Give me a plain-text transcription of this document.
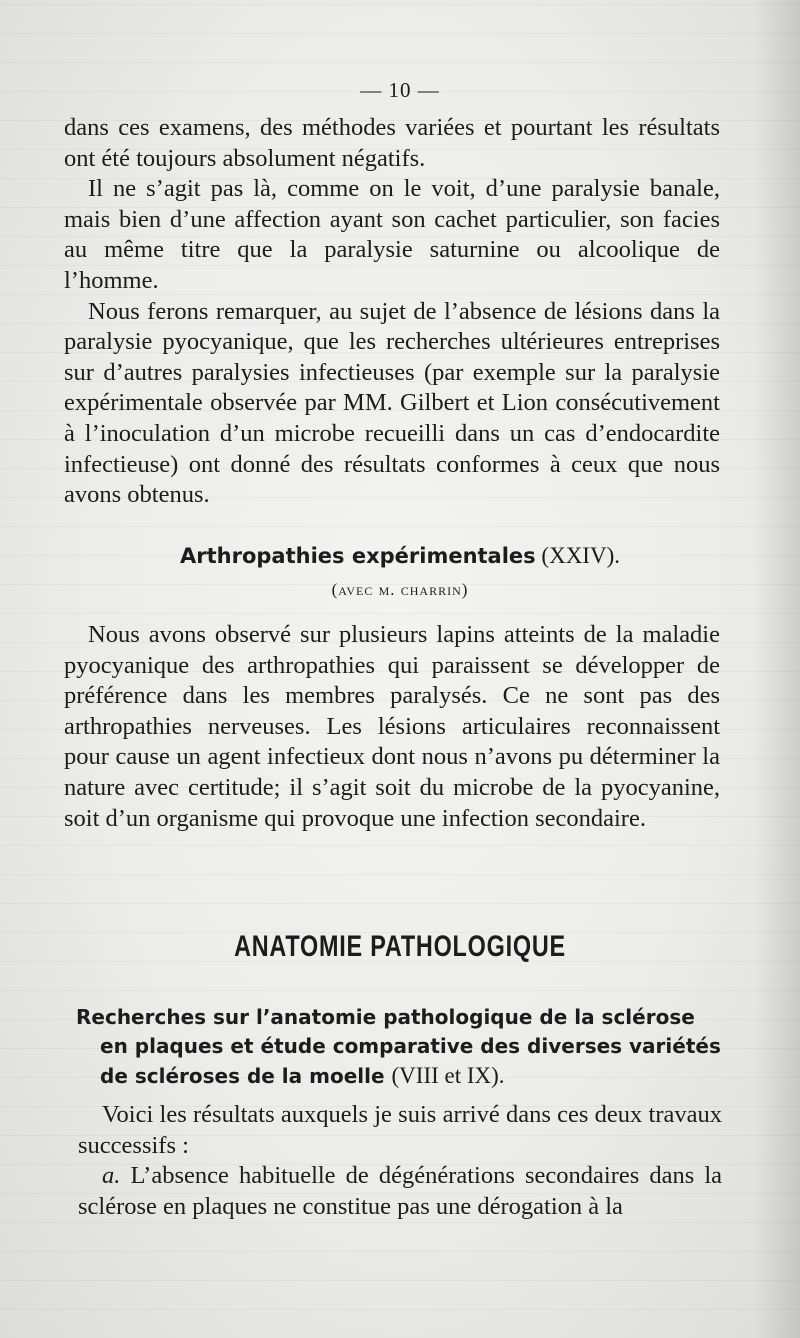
— 10 —

dans ces examens, des méthodes variées et pourtant les résultats ont été toujours absolument négatifs.

Il ne s’agit pas là, comme on le voit, d’une paralysie banale, mais bien d’une affection ayant son cachet particulier, son facies au même titre que la paralysie saturnine ou alcoolique de l’homme.

Nous ferons remarquer, au sujet de l’absence de lésions dans la paralysie pyocyanique, que les recherches ultérieures entreprises sur d’autres paralysies infectieuses (par exemple sur la paralysie expérimentale observée par MM. Gilbert et Lion consécutivement à l’inoculation d’un microbe recueilli dans un cas d’endocardite infectieuse) ont donné des résultats conformes à ceux que nous avons obtenus.

Arthropathies expérimentales (XXIV).
(avec m. charrin)

Nous avons observé sur plusieurs lapins atteints de la maladie pyocyanique des arthropathies qui paraissent se développer de préférence dans les membres paralysés. Ce ne sont pas des arthropathies nerveuses. Les lésions articulaires reconnaissent pour cause un agent infectieux dont nous n’avons pu déterminer la nature avec certitude; il s’agit soit du microbe de la pyocyanine, soit d’un organisme qui provoque une infection secondaire.

ANATOMIE PATHOLOGIQUE
Recherches sur l’anatomie pathologique de la sclérose en plaques et étude comparative des diverses variétés de scléroses de la moelle (VIII et IX).

Voici les résultats auxquels je suis arrivé dans ces deux travaux successifs :

a. L’absence habituelle de dégénérations secondaires dans la sclérose en plaques ne constitue pas une dérogation à la
